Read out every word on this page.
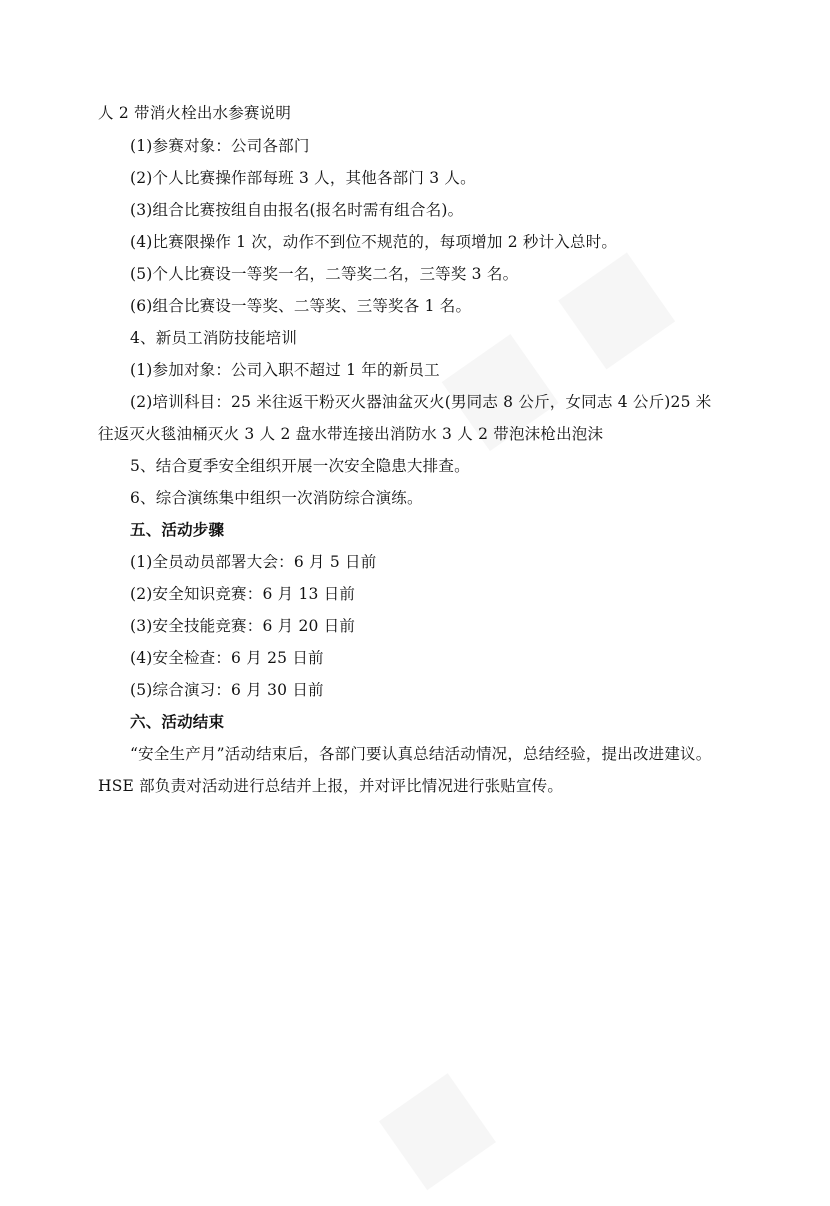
人 2 带消火栓出水参赛说明
(1)参赛对象：公司各部门
(2)个人比赛操作部每班 3 人，其他各部门 3 人。
(3)组合比赛按组自由报名(报名时需有组合名)。
(4)比赛限操作 1 次，动作不到位不规范的，每项增加 2 秒计入总时。
(5)个人比赛设一等奖一名，二等奖二名，三等奖 3 名。
(6)组合比赛设一等奖、二等奖、三等奖各 1 名。
4、新员工消防技能培训
(1)参加对象：公司入职不超过 1 年的新员工
(2)培训科目：25 米往返干粉灭火器油盆灭火(男同志 8 公斤，女同志 4 公斤)25 米
往返灭火毯油桶灭火 3 人 2 盘水带连接出消防水 3 人 2 带泡沫枪出泡沫
5、结合夏季安全组织开展一次安全隐患大排查。
6、综合演练集中组织一次消防综合演练。
五、活动步骤
(1)全员动员部署大会：6 月 5 日前
(2)安全知识竞赛：6 月 13 日前
(3)安全技能竞赛：6 月 20 日前
(4)安全检查：6 月 25 日前
(5)综合演习：6 月 30 日前
六、活动结束
“安全生产月”活动结束后，各部门要认真总结活动情况，总结经验，提出改进建议。HSE 部负责对活动进行总结并上报，并对评比情况进行张贴宣传。
